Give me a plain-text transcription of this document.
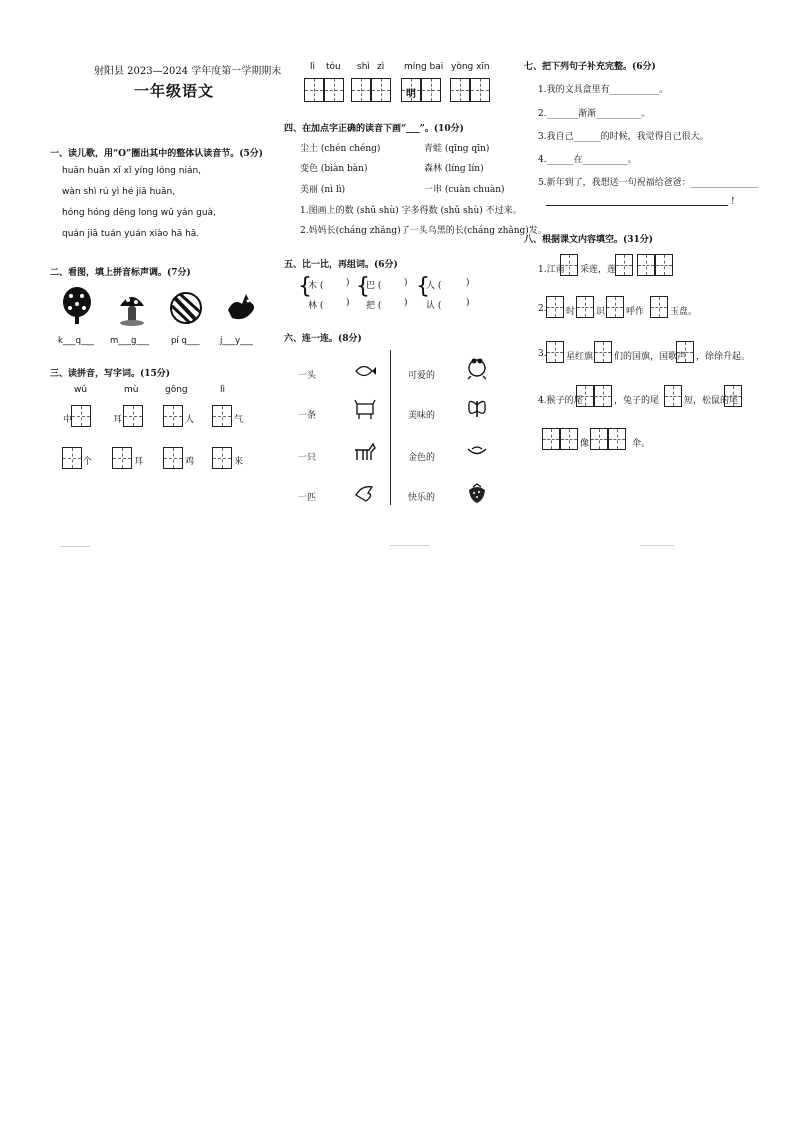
射阳县 2023—2024 学年度第一学期期末
一年级语文
一、读儿歌，用“O”圈出其中的整体认读音节。(5分)
huān huān xǐ xǐ yíng lóng nián,
wàn shì rú yì hé jiā huān,
hóng hóng dēng long wǔ yán guà,
quán jiā tuán yuán xiào hā hā.
二、看图，填上拼音标声调。(7分)
k___q___ m___g___	pí q___ j___y___
三、读拼音，写字词。(15分)
wǔ	mù	gōng	lì
中	耳	人	气
个	耳	鸡	来
lì tóu shì zì míng bai yòng xīn
明
四、在加点字正确的读音下画“___”。(10分)
尘土 (chén chéng)	青蛙 (qīng qīn)
变色 (biàn bàn)	森林 (líng lín)
美丽 (nì lì)	一串 (cuàn chuàn)
1.图画上的数 (shǔ shù) 字多得数 (shǔ shù) 不过来。
2.妈妈长(cháng zhǎng)了一头乌黑的长(cháng zhǎng)发。
五、比一比，再组词。(6分)
{
木 (	)
林 (	)
{
巴 (	)
把 (	)
{
人 (	)
认 (	)
六、连一连。(8分)
一头
一条
一只
一匹
可爱的
美味的
金色的
快乐的
七、把下列句子补充完整。(6分)
1.我的文具盒里有___________。
2._______渐渐__________。
3.我自己______的时候，我觉得自己很大。
4.______在__________。
5.新年到了，我想送一句祝福给爸爸：_______________
!
八、根据课文内容填空。(31分)
1.江南 采莲，莲
2. 时 识 呼作	玉盘。
3. 星红旗， 们的国旗，国歌声 ，徐徐升起。
4.猴子的尾	，兔子的尾	短，松鼠的尾
像	伞。
